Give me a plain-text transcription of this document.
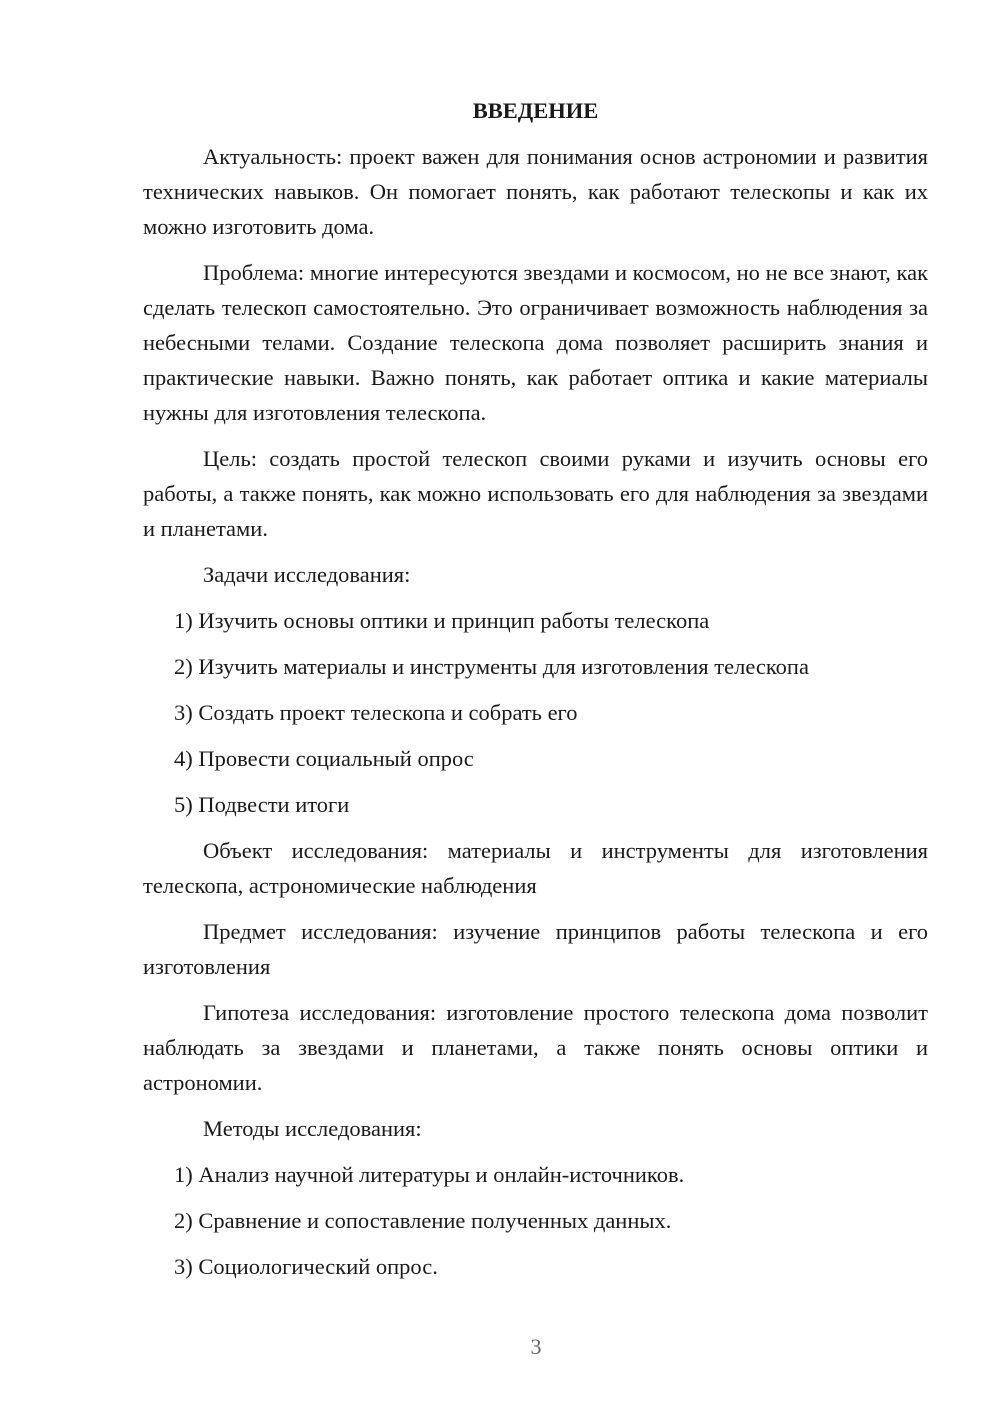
ВВЕДЕНИЕ

Актуальность: проект важен для понимания основ астрономии и развития технических навыков. Он помогает понять, как работают телескопы и как их можно изготовить дома.

Проблема: многие интересуются звездами и космосом, но не все знают, как сделать телескоп самостоятельно. Это ограничивает возможность наблюдения за небесными телами. Создание телескопа дома позволяет расширить знания и практические навыки. Важно понять, как работает оптика и какие материалы нужны для изготовления телескопа.

Цель: создать простой телескоп своими руками и изучить основы его работы, а также понять, как можно использовать его для наблюдения за звездами и планетами.

Задачи исследования:

1) Изучить основы оптики и принцип работы телескопа

2) Изучить материалы и инструменты для изготовления телескопа

3) Создать проект телескопа и собрать его

4) Провести социальный опрос

5) Подвести итоги

Объект исследования: материалы и инструменты для изготовления телескопа, астрономические наблюдения

Предмет исследования: изучение принципов работы телескопа и его изготовления

Гипотеза исследования: изготовление простого телескопа дома позволит наблюдать за звездами и планетами, а также понять основы оптики и астрономии.

Методы исследования:

1) Анализ научной литературы и онлайн-источников.

2) Сравнение и сопоставление полученных данных.

3) Социологический опрос.

3
